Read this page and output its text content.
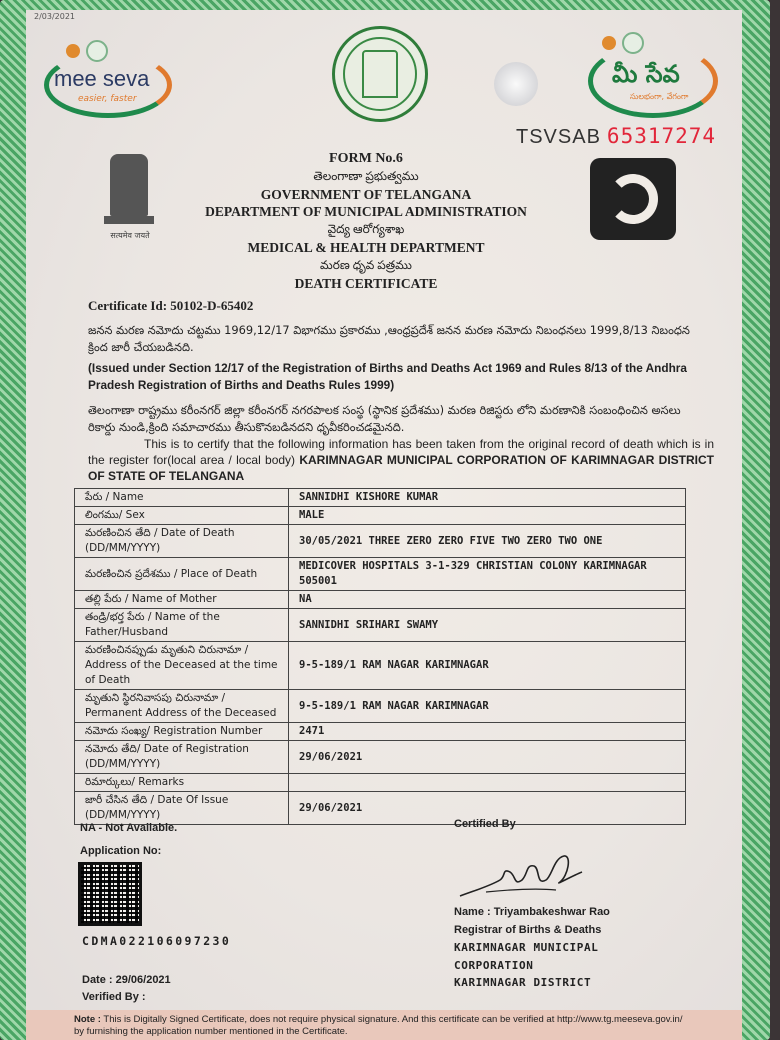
2/03/2021
mee seva
easier, faster
మీ సేవ
సులభంగా, వేగంగా
TSVSAB 65317274
सत्यमेव जयते
FORM No.6
తెలంగాణా ప్రభుత్వము
GOVERNMENT OF TELANGANA
DEPARTMENT OF MUNICIPAL ADMINISTRATION
వైద్య ఆరోగ్యశాఖ
MEDICAL & HEALTH DEPARTMENT
మరణ ధృవ పత్రము
DEATH CERTIFICATE
Certificate Id: 50102-D-65402
జనన మరణ నమోదు చట్టము 1969,12/17 విభాగము ప్రకారము ,ఆంధ్రప్రదేశ్ జనన మరణ నమోదు నిబంధనలు 1999,8/13 నిబంధన క్రింద జారీ చేయబడినది.
(Issued under Section 12/17 of the Registration of Births and Deaths Act 1969 and Rules 8/13 of the Andhra Pradesh Registration of Births and Deaths Rules 1999)
తెలంగాణా రాష్ట్రము కరీంనగర్ జిల్లా కరీంనగర్ నగరపాలక సంస్థ (స్థానిక ప్రదేశము) మరణ రిజిస్టరు లోని మరణానికి సంబంధించిన అసలు రికార్డు నుండి,క్రింది సమాచారము తీసుకొనబడినదని ధృవీకరించడమైనది.
This is to certify that the following information has been taken from the original record of death which is in the register for(local area / local body) KARIMNAGAR MUNICIPAL CORPORATION OF KARIMNAGAR DISTRICT OF STATE OF TELANGANA
పేరు / Name	SANNIDHI KISHORE KUMAR
లింగము/ Sex	MALE
మరణించిన తేది / Date of Death (DD/MM/YYYY)	30/05/2021 THREE ZERO ZERO FIVE TWO ZERO TWO ONE
మరణించిన ప్రదేశము / Place of Death	MEDICOVER HOSPITALS 3-1-329 CHRISTIAN COLONY KARIMNAGAR 505001
తల్లి పేరు / Name of Mother	NA
తండ్రి/భర్త పేరు / Name of the Father/Husband	SANNIDHI SRIHARI SWAMY
మరణించినప్పుడు మృతుని చిరునామా / Address of the Deceased at the time of Death	9-5-189/1 RAM NAGAR KARIMNAGAR
మృతుని స్థిరనివాసపు చిరునామా / Permanent Address of the Deceased	9-5-189/1 RAM NAGAR KARIMNAGAR
నమోదు సంఖ్య/ Registration Number	2471
నమోదు తేది/ Date of Registration (DD/MM/YYYY)	29/06/2021
రిమార్కులు/ Remarks	
జారీ చేసిన తేది / Date Of Issue (DD/MM/YYYY)	29/06/2021
NA - Not Available.
Application No:
CDMA022106097230
Date : 29/06/2021
Verified By :
Certified By
Name : Triyambakeshwar Rao
Registrar of Births & Deaths
KARIMNAGAR MUNICIPAL
CORPORATION
KARIMNAGAR DISTRICT
Note : This is Digitally Signed Certificate, does not require physical signature. And this certificate can be verified at http://www.tg.meeseva.gov.in/ by furnishing the application number mentioned in the Certificate.
